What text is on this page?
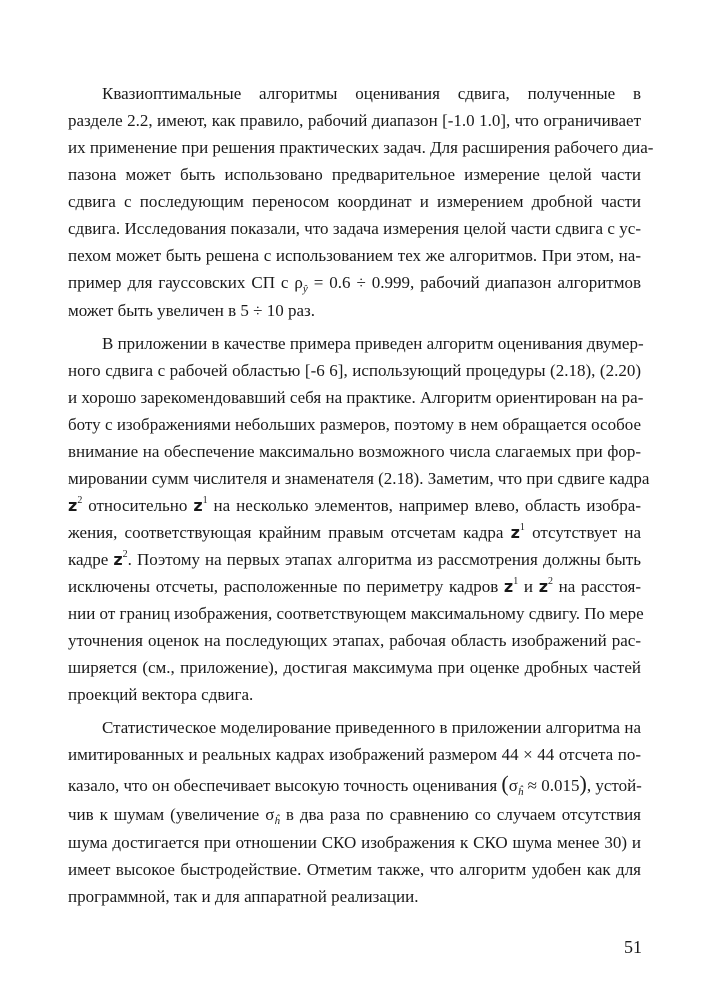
Квазиоптимальные алгоритмы оценивания сдвига, полученные в
разделе 2.2, имеют, как правило, рабочий диапазон [-1.0 1.0], что ограничивает
их применение при решения практических задач. Для расширения рабочего диа-
пазона может быть использовано предварительное измерение целой части
сдвига с последующим переносом координат и измерением дробной части
сдвига. Исследования показали, что задача измерения целой части сдвига с ус-
пехом может быть решена с использованием тех же алгоритмов. При этом, на-
пример для гауссовских СП с $\rho_ŷ = 0.6 \div 0.999$, рабочий диапазон алгоритмов
может быть увеличен в 5 ÷ 10 раз.
В приложении в качестве примера приведен алгоритм оценивания двумер-
ного сдвига с рабочей областью [-6 6], использующий процедуры (2.18), (2.20)
и хорошо зарекомендовавший себя на практике. Алгоритм ориентирован на ра-
боту с изображениями небольших размеров, поэтому в нем обращается особое
внимание на обеспечение максимально возможного числа слагаемых при фор-
мировании сумм числителя и знаменателя (2.18). Заметим, что при сдвиге кадра
$z^2$ относительно $z^1$ на несколько элементов, например влево, область изобра-
жения, соответствующая крайним правым отсчетам кадра $z^1$ отсутствует на
кадре $z^2$. Поэтому на первых этапах алгоритма из рассмотрения должны быть
исключены отсчеты, расположенные по периметру кадров $z^1$ и $z^2$ на расстоя-
нии от границ изображения, соответствующем максимальному сдвигу. По мере
уточнения оценок на последующих этапах, рабочая область изображений рас-
ширяется (см., приложение), достигая максимума при оценке дробных частей
проекций вектора сдвига.
Статистическое моделирование приведенного в приложении алгоритма на
имитированных и реальных кадрах изображений размером 44 × 44 отсчета по-
казало, что он обеспечивает высокую точность оценивания $(\sigma_ĥ \approx 0.015)$, устой-
чив к шумам (увеличение $\sigma_ĥ$ в два раза по сравнению со случаем отсутствия
шума достигается при отношении СКО изображения к СКО шума менее 30) и
имеет высокое быстродействие. Отметим также, что алгоритм удобен как для
программной, так и для аппаратной реализации.
51
